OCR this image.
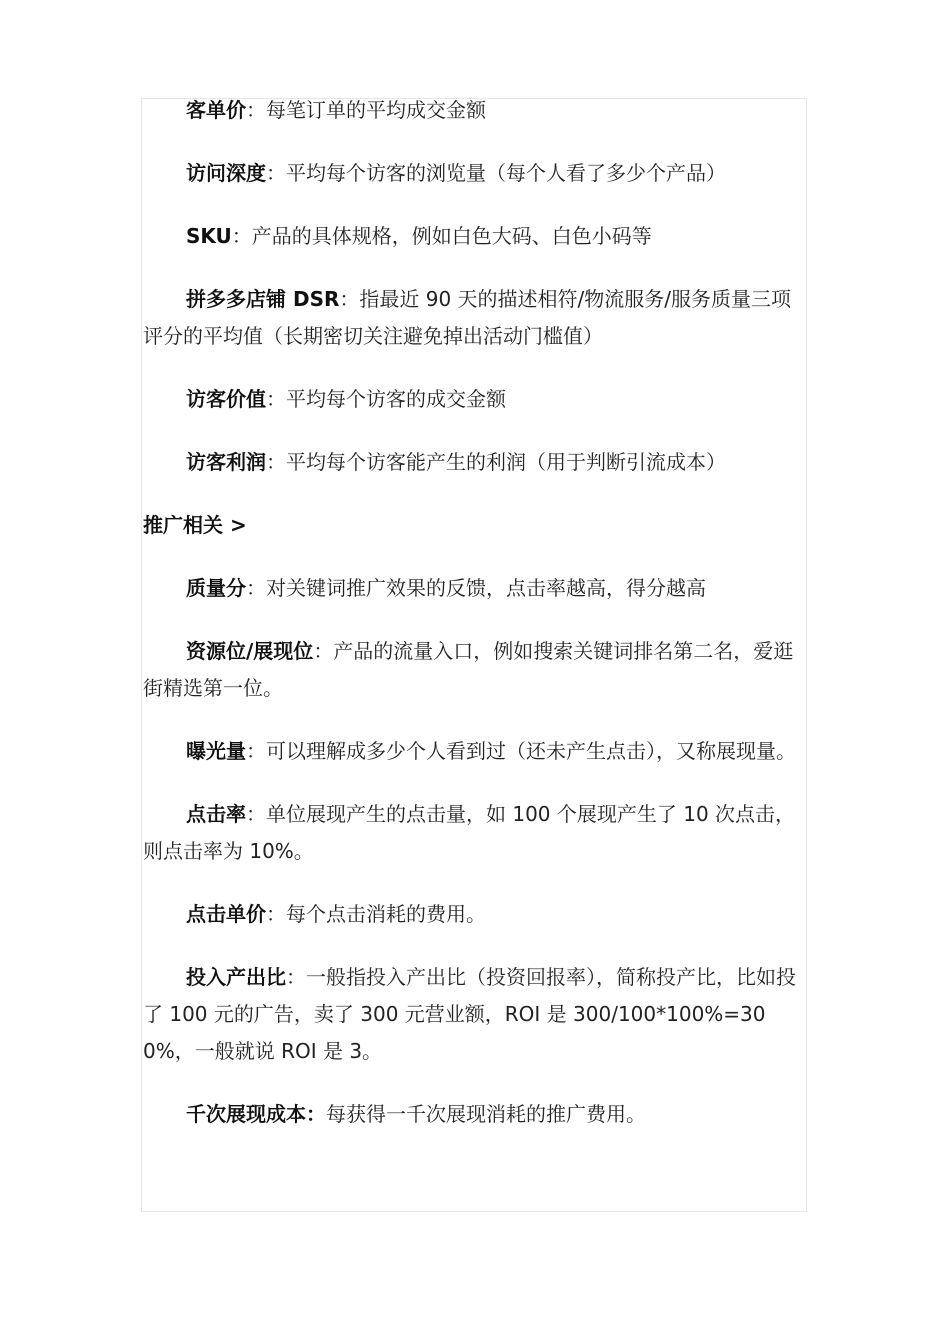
客单价：每笔订单的平均成交金额

访问深度：平均每个访客的浏览量（每个人看了多少个产品）

SKU：产品的具体规格，例如白色大码、白色小码等

拼多多店铺 DSR：指最近 90 天的描述相符/物流服务/服务质量三项评分的平均值（长期密切关注避免掉出活动门槛值）

访客价值：平均每个访客的成交金额

访客利润：平均每个访客能产生的利润（用于判断引流成本）

推广相关 >

质量分：对关键词推广效果的反馈，点击率越高，得分越高

资源位/展现位：产品的流量入口，例如搜索关键词排名第二名，爱逛街精选第一位。

曝光量：可以理解成多少个人看到过（还未产生点击），又称展现量。

点击率：单位展现产生的点击量，如 100 个展现产生了 10 次点击，则点击率为 10%。

点击单价：每个点击消耗的费用。

投入产出比：一般指投入产出比（投资回报率），简称投产比，比如投了 100 元的广告，卖了 300 元营业额，ROI 是 300/100*100%=300%，一般就说 ROI 是 3。

千次展现成本：每获得一千次展现消耗的推广费用。
